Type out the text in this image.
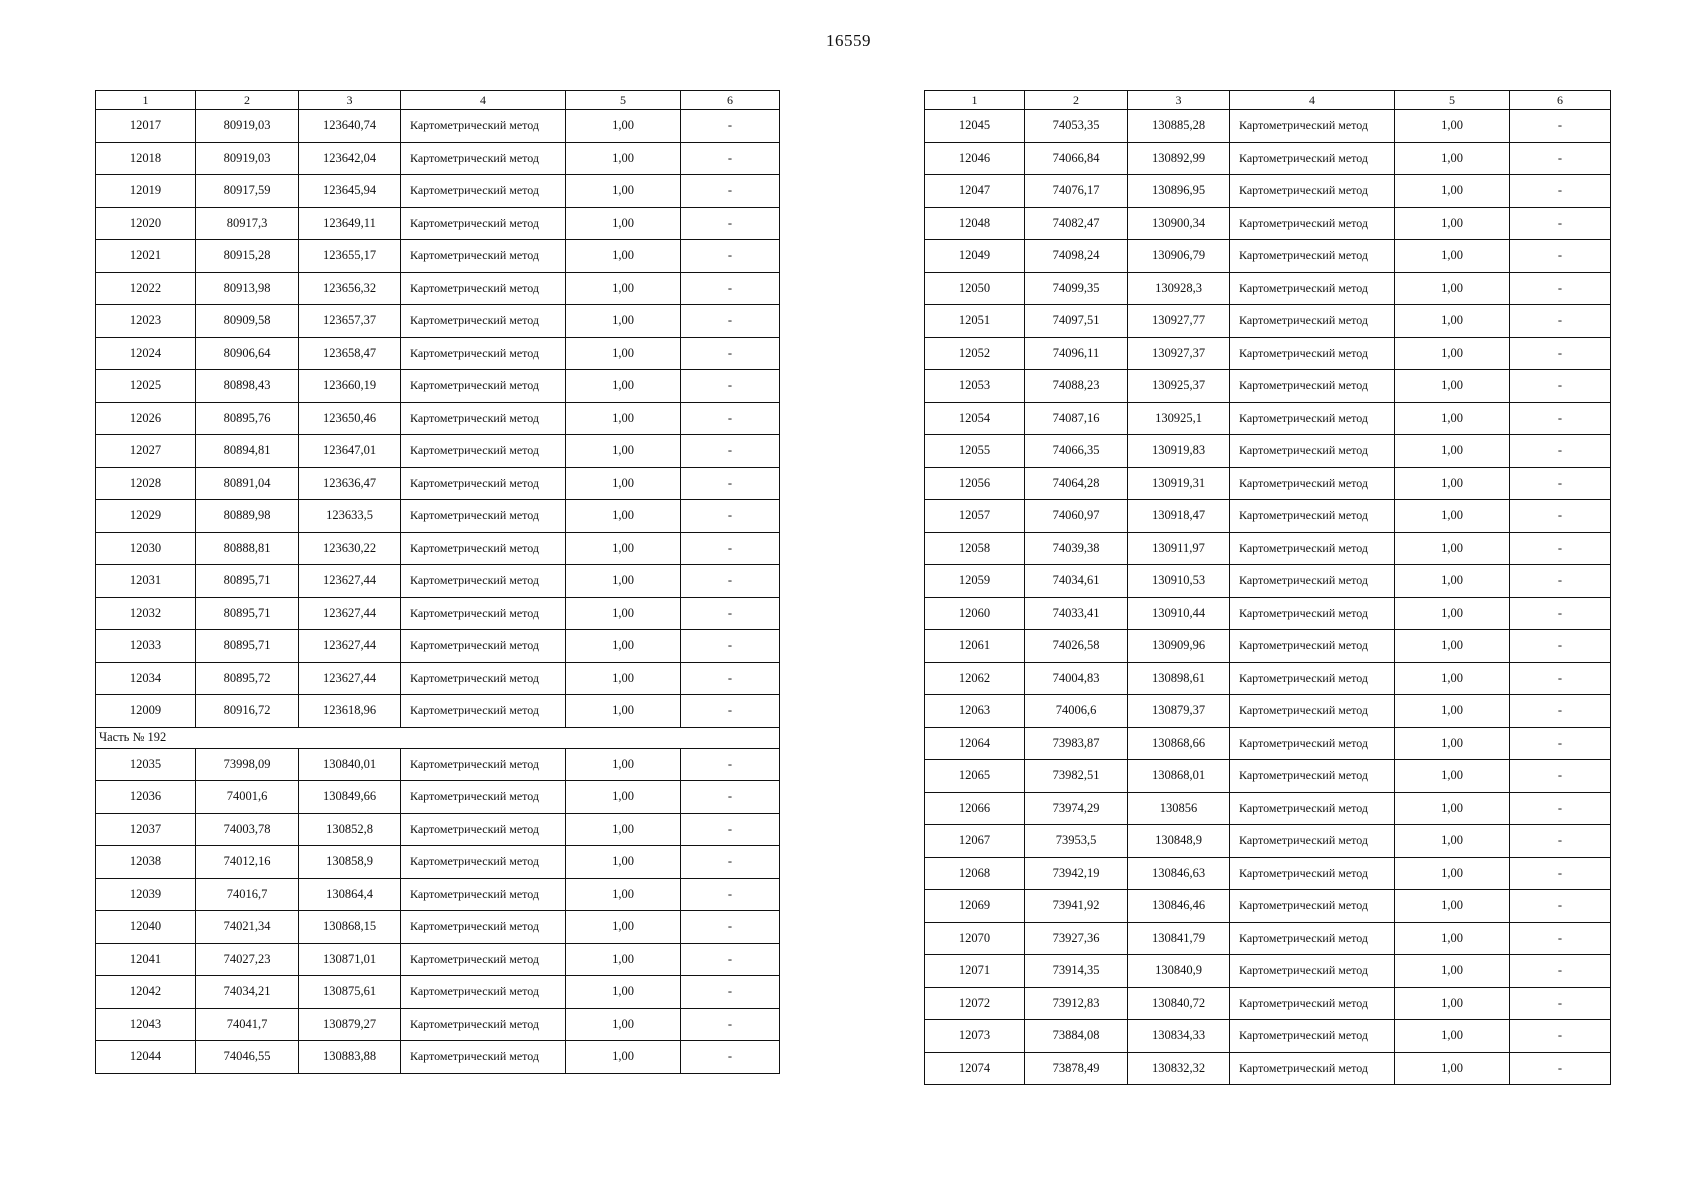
16559
1	2	3	4	5	6
12017	80919,03	123640,74	Картометрический метод	1,00	-
12018	80919,03	123642,04	Картометрический метод	1,00	-
12019	80917,59	123645,94	Картометрический метод	1,00	-
12020	80917,3	123649,11	Картометрический метод	1,00	-
12021	80915,28	123655,17	Картометрический метод	1,00	-
12022	80913,98	123656,32	Картометрический метод	1,00	-
12023	80909,58	123657,37	Картометрический метод	1,00	-
12024	80906,64	123658,47	Картометрический метод	1,00	-
12025	80898,43	123660,19	Картометрический метод	1,00	-
12026	80895,76	123650,46	Картометрический метод	1,00	-
12027	80894,81	123647,01	Картометрический метод	1,00	-
12028	80891,04	123636,47	Картометрический метод	1,00	-
12029	80889,98	123633,5	Картометрический метод	1,00	-
12030	80888,81	123630,22	Картометрический метод	1,00	-
12031	80895,71	123627,44	Картометрический метод	1,00	-
12032	80895,71	123627,44	Картометрический метод	1,00	-
12033	80895,71	123627,44	Картометрический метод	1,00	-
12034	80895,72	123627,44	Картометрический метод	1,00	-
12009	80916,72	123618,96	Картометрический метод	1,00	-
Часть № 192					
12035	73998,09	130840,01	Картометрический метод	1,00	-
12036	74001,6	130849,66	Картометрический метод	1,00	-
12037	74003,78	130852,8	Картометрический метод	1,00	-
12038	74012,16	130858,9	Картометрический метод	1,00	-
12039	74016,7	130864,4	Картометрический метод	1,00	-
12040	74021,34	130868,15	Картометрический метод	1,00	-
12041	74027,23	130871,01	Картометрический метод	1,00	-
12042	74034,21	130875,61	Картометрический метод	1,00	-
12043	74041,7	130879,27	Картометрический метод	1,00	-
12044	74046,55	130883,88	Картометрический метод	1,00	-
1	2	3	4	5	6
12045	74053,35	130885,28	Картометрический метод	1,00	-
12046	74066,84	130892,99	Картометрический метод	1,00	-
12047	74076,17	130896,95	Картометрический метод	1,00	-
12048	74082,47	130900,34	Картометрический метод	1,00	-
12049	74098,24	130906,79	Картометрический метод	1,00	-
12050	74099,35	130928,3	Картометрический метод	1,00	-
12051	74097,51	130927,77	Картометрический метод	1,00	-
12052	74096,11	130927,37	Картометрический метод	1,00	-
12053	74088,23	130925,37	Картометрический метод	1,00	-
12054	74087,16	130925,1	Картометрический метод	1,00	-
12055	74066,35	130919,83	Картометрический метод	1,00	-
12056	74064,28	130919,31	Картометрический метод	1,00	-
12057	74060,97	130918,47	Картометрический метод	1,00	-
12058	74039,38	130911,97	Картометрический метод	1,00	-
12059	74034,61	130910,53	Картометрический метод	1,00	-
12060	74033,41	130910,44	Картометрический метод	1,00	-
12061	74026,58	130909,96	Картометрический метод	1,00	-
12062	74004,83	130898,61	Картометрический метод	1,00	-
12063	74006,6	130879,37	Картометрический метод	1,00	-
12064	73983,87	130868,66	Картометрический метод	1,00	-
12065	73982,51	130868,01	Картометрический метод	1,00	-
12066	73974,29	130856	Картометрический метод	1,00	-
12067	73953,5	130848,9	Картометрический метод	1,00	-
12068	73942,19	130846,63	Картометрический метод	1,00	-
12069	73941,92	130846,46	Картометрический метод	1,00	-
12070	73927,36	130841,79	Картометрический метод	1,00	-
12071	73914,35	130840,9	Картометрический метод	1,00	-
12072	73912,83	130840,72	Картометрический метод	1,00	-
12073	73884,08	130834,33	Картометрический метод	1,00	-
12074	73878,49	130832,32	Картометрический метод	1,00	-
